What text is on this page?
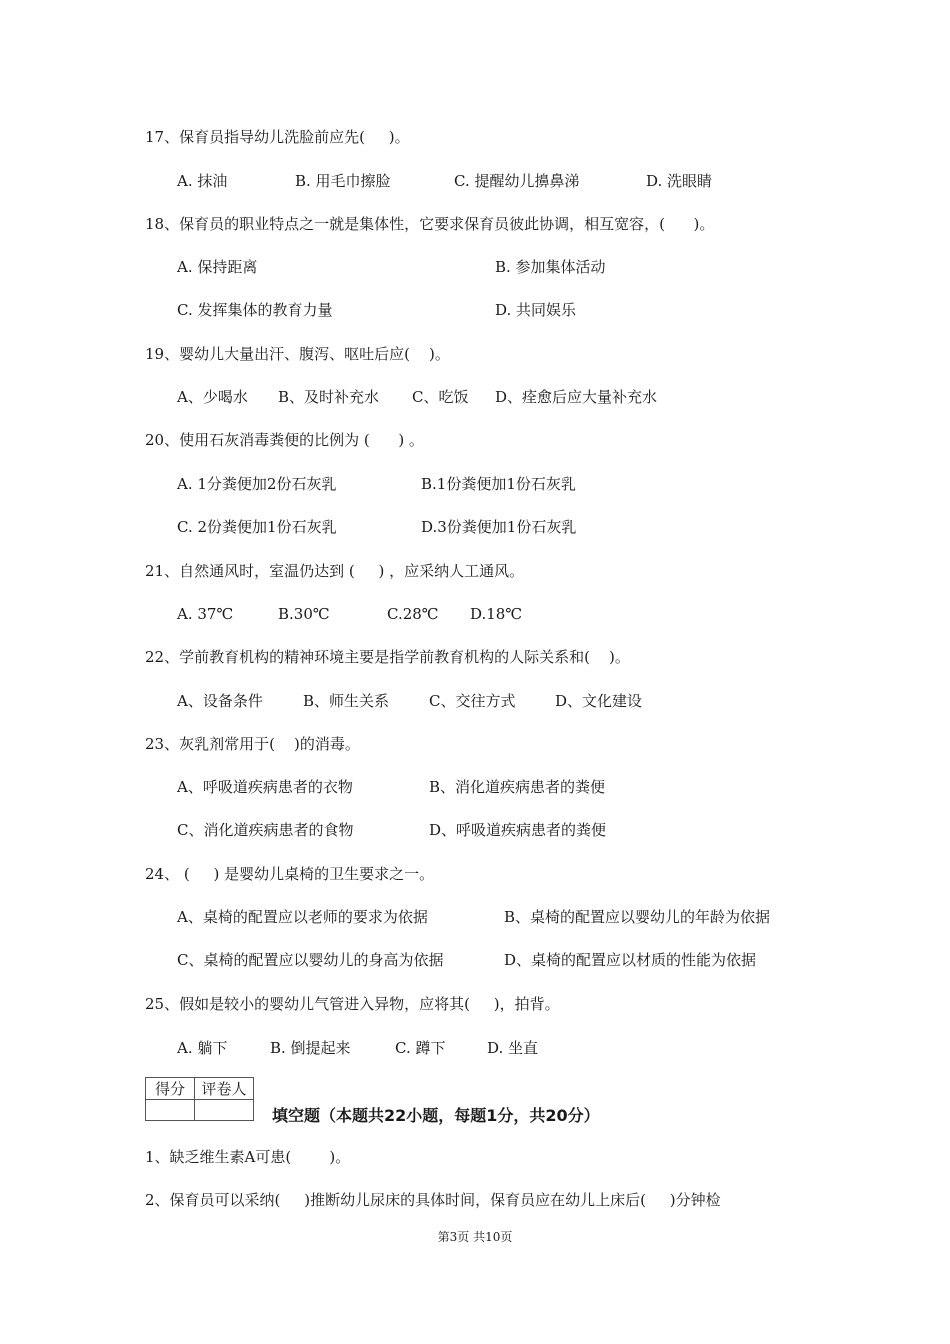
17、保育员指导幼儿洗脸前应先(     )。
A. 抹油	B. 用毛巾擦脸	C. 提醒幼儿擤鼻涕	D. 洗眼睛
18、保育员的职业特点之一就是集体性，它要求保育员彼此协调，相互宽容，(      )。
A. 保持距离	B. 参加集体活动
C. 发挥集体的教育力量	D. 共同娱乐
19、婴幼儿大量出汗、腹泻、呕吐后应(    )。
A、少喝水 B、及时补充水 C、吃饭 D、痊愈后应大量补充水
20、使用石灰消毒粪便的比例为 (      ) 。
A. 1分粪便加2份石灰乳	B.1份粪便加1份石灰乳
C. 2份粪便加1份石灰乳	D.3份粪便加1份石灰乳
21、自然通风时，室温仍达到 (     ) ，应采纳人工通风。
A. 37℃	B.30℃	C.28℃ D.18℃
22、学前教育机构的精神环境主要是指学前教育机构的人际关系和(    )。
A、设备条件	B、师生关系	C、交往方式	D、文化建设
23、灰乳剂常用于(    )的消毒。
A、呼吸道疾病患者的衣物	B、消化道疾病患者的粪便
C、消化道疾病患者的食物	D、呼吸道疾病患者的粪便
24、 (     ) 是婴幼儿桌椅的卫生要求之一。
A、桌椅的配置应以老师的要求为依据	B、桌椅的配置应以婴幼儿的年龄为依据
C、桌椅的配置应以婴幼儿的身高为依据	D、桌椅的配置应以材质的性能为依据
25、假如是较小的婴幼儿气管进入异物，应将其(     )，拍背。
A. 躺下	B. 倒提起来	C. 蹲下	D. 坐直
得分	评卷人

填空题（本题共22小题，每题1分，共20分）
1、缺乏维生素A可患(        )。
2、保育员可以采纳(     )推断幼儿尿床的具体时间，保育员应在幼儿上床后(     )分钟检
第3页 共10页
